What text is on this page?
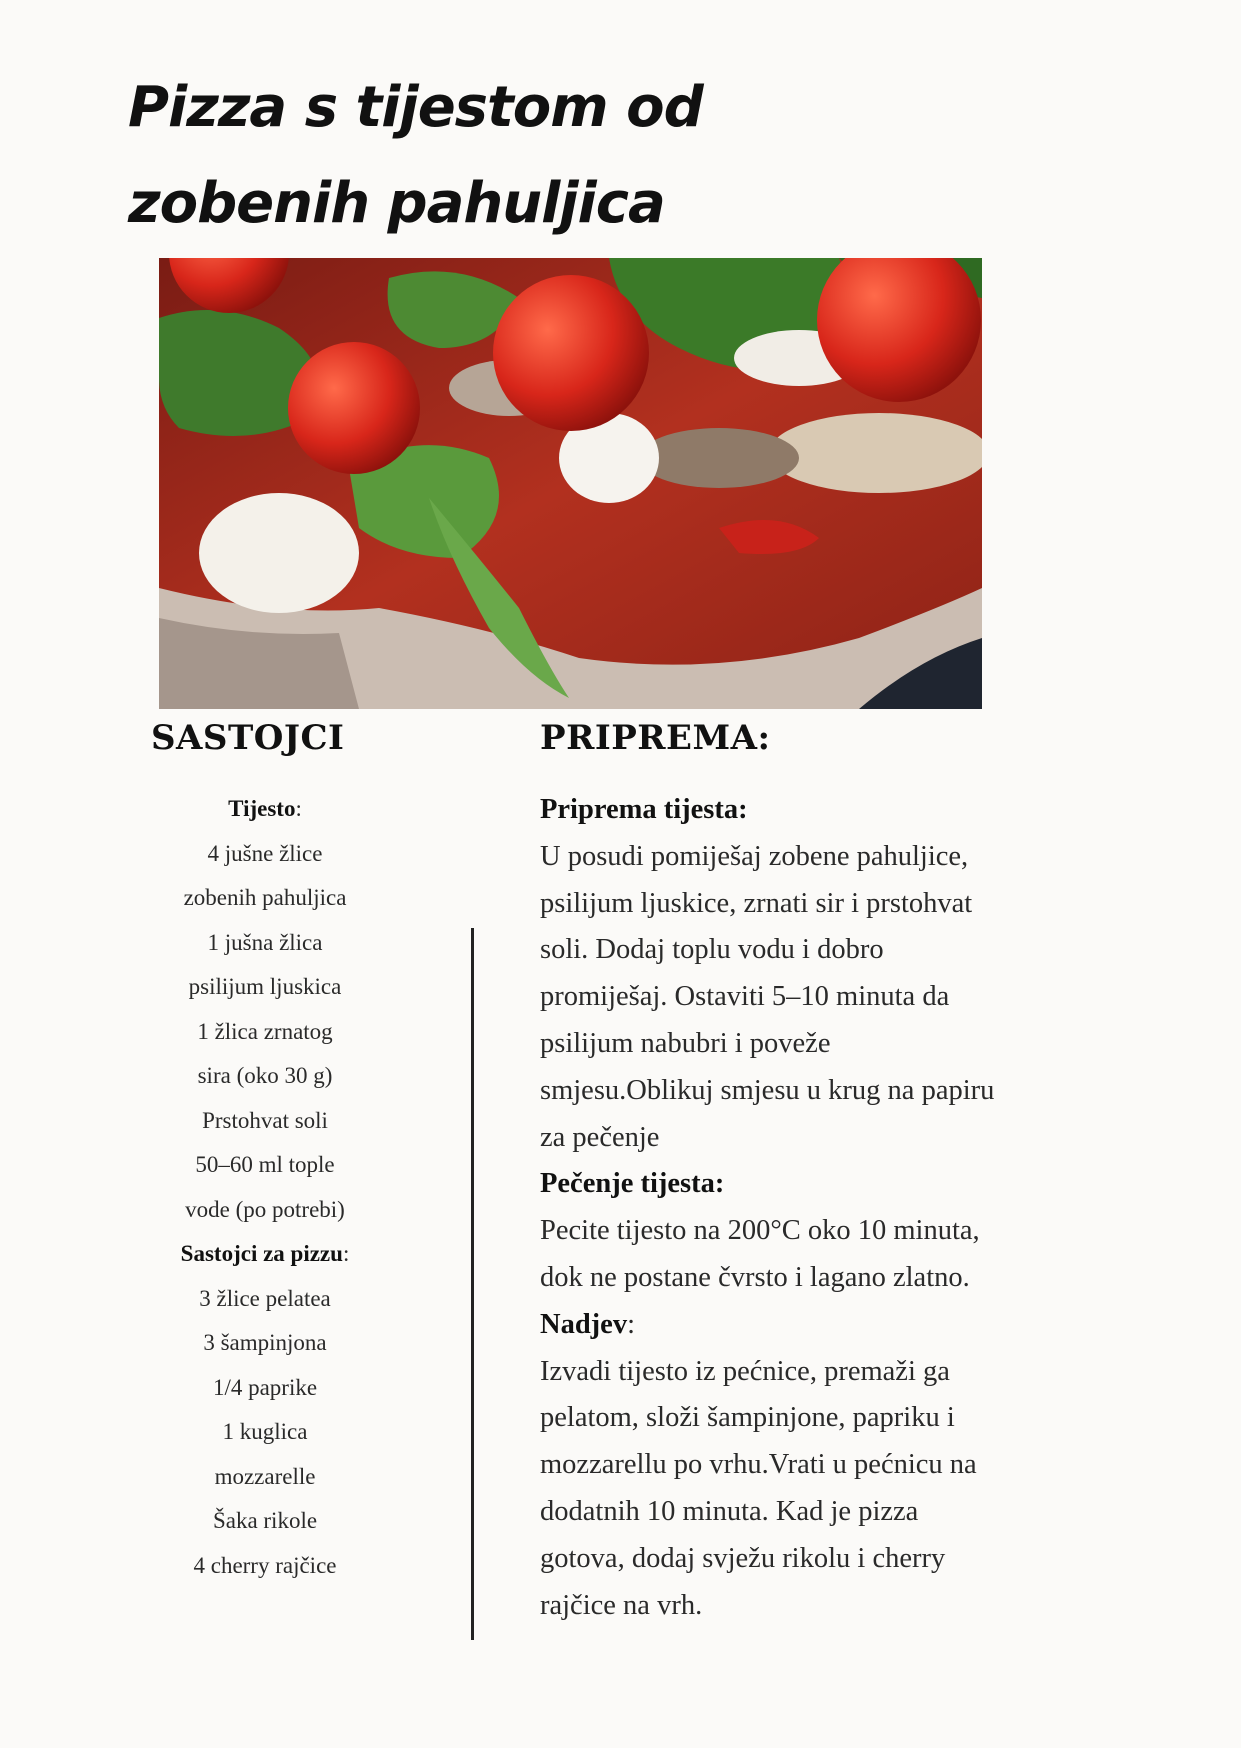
Pizza s tijestom od
zobenih pahuljica
SASTOJCI	PRIPREMA:
Tijesto:
4 jušne žlice
zobenih pahuljica
1 jušna žlica
psilijum ljuskica
1 žlica zrnatog
sira (oko 30 g)
Prstohvat soli
50–60 ml tople
vode (po potrebi)
Sastojci za pizzu:
3 žlice pelatea
3 šampinjona
1/4 paprike
1 kuglica
mozzarelle
Šaka rikole
4 cherry rajčice

Priprema tijesta:

U posudi pomiješaj zobene pahuljice, psilijum ljuskice, zrnati sir i prstohvat soli. Dodaj toplu vodu i dobro promiješaj. Ostaviti 5–10 minuta da psilijum nabubri i poveže smjesu.Oblikuj smjesu u krug na papiru za pečenje

Pečenje tijesta:

Pecite tijesto na 200°C oko 10 minuta, dok ne postane čvrsto i lagano zlatno.

Nadjev:

Izvadi tijesto iz pećnice, premaži ga pelatom, složi šampinjone, papriku i mozzarellu po vrhu.Vrati u pećnicu na dodatnih 10 minuta. Kad je pizza gotova, dodaj svježu rikolu i cherry rajčice na vrh.
